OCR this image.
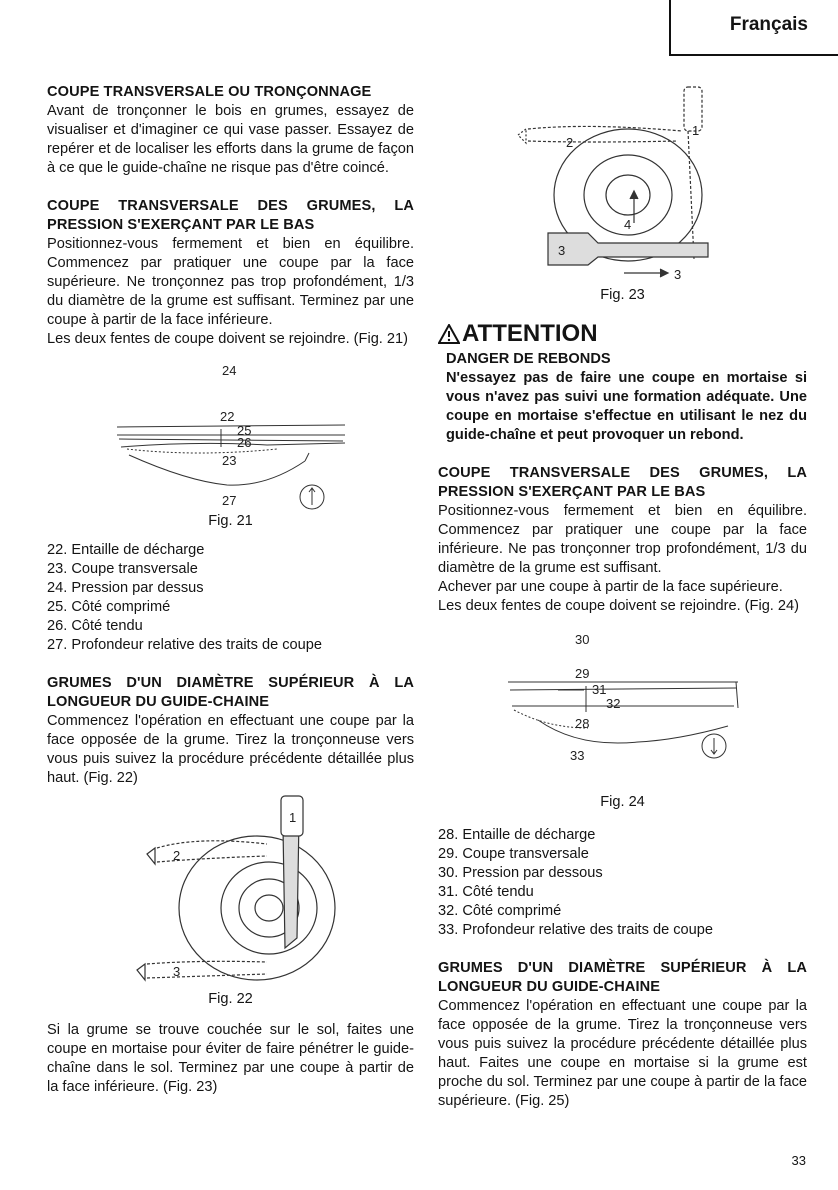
Français
COUPE TRANSVERSALE OU TRONÇONNAGE

Avant de tronçonner le bois en grumes, essayez de visualiser et d'imaginer ce qui vase passer. Essayez de repérer et de localiser les efforts dans la grume de façon à ce que le guide-chaîne ne risque pas d'être coincé.

COUPE TRANSVERSALE DES GRUMES, LA PRESSION S'EXERÇANT PAR LE BAS

Positionnez-vous fermement et bien en équilibre. Commencez par pratiquer une coupe par la face supérieure. Ne tronçonnez pas trop profondément, 1/3 du diamètre de la grume est suffisant. Terminez par une coupe à partir de la face inférieure.

Les deux fentes de coupe doivent se rejoindre. (Fig. 21)

24
22
25
26
23
27
Fig. 21
22. Entaille de décharge
23. Coupe transversale
24. Pression par dessus
25. Côté comprimé
26. Côté tendu
27. Profondeur relative des traits de coupe
GRUMES D'UN DIAMÈTRE SUPÉRIEUR À LA LONGUEUR DU GUIDE-CHAINE

Commencez l'opération en effectuant une coupe par la face opposée de la grume. Tirez la tronçonneuse vers vous puis suivez la procédure précédente détaillée plus haut. (Fig. 22)

1
2
3
Fig. 22

Si la grume se trouve couchée sur le sol, faites une coupe en mortaise pour éviter de faire pénétrer le guide-chaîne dans le sol. Terminez par une coupe à partir de la face inférieure. (Fig. 23)

1
2
3
4
3
Fig. 23
ATTENTION
DANGER DE REBONDS

N'essayez pas de faire une coupe en mortaise si vous n'avez pas suivi une formation adéquate. Une coupe en mortaise s'effectue en utilisant le nez du guide-chaîne et peut provoquer un rebond.

COUPE TRANSVERSALE DES GRUMES, LA PRESSION S'EXERÇANT PAR LE BAS

Positionnez-vous fermement et bien en équilibre. Commencez par pratiquer une coupe par la face inférieure. Ne pas tronçonner trop profondément, 1/3 du diamètre de la grume est suffisant.

Achever par une coupe à partir de la face supérieure.

Les deux fentes de coupe doivent se rejoindre. (Fig. 24)

30
29
31
32
28
33
Fig. 24
28. Entaille de décharge
29. Coupe transversale
30. Pression par dessous
31. Côté tendu
32. Côté comprimé
33. Profondeur relative des traits de coupe
GRUMES D'UN DIAMÈTRE SUPÉRIEUR À LA LONGUEUR DU GUIDE-CHAINE

Commencez l'opération en effectuant une coupe par la face opposée de la grume. Tirez la tronçonneuse vers vous puis suivez la procédure précédente détaillée plus haut. Faites une coupe en mortaise si la grume est proche du sol. Terminez par une coupe à partir de la face supérieure. (Fig. 25)

33
